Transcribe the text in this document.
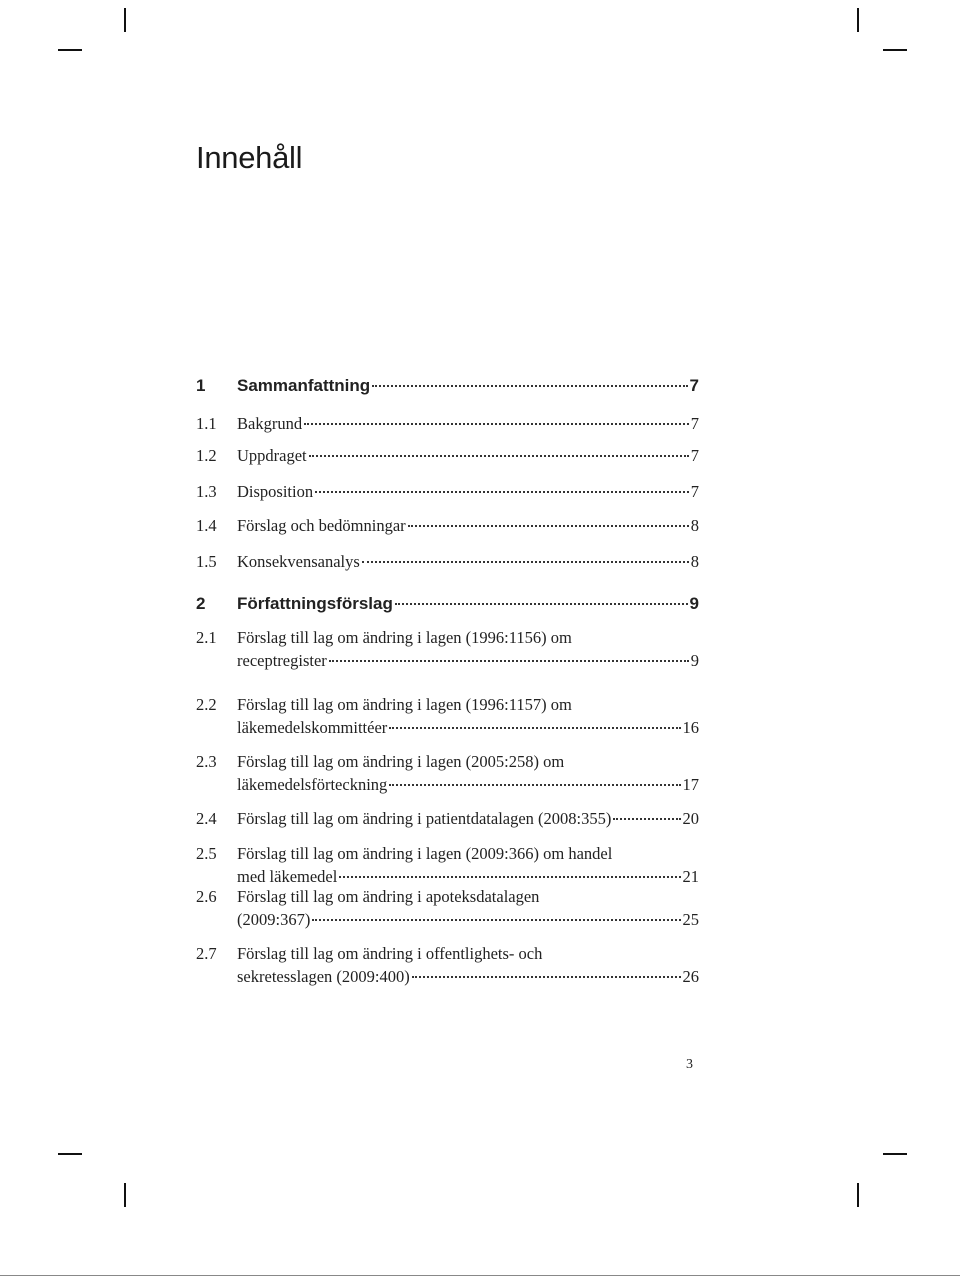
Innehåll
1 Sammanfattning	7
1.1 Bakgrund	7
1.2 Uppdraget	7
1.3 Disposition	7
1.4 Förslag och bedömningar	8
1.5 Konsekvensanalys	8
2 Författningsförslag	9
2.1 Förslag till lag om ändring i lagen (1996:1156) om
receptregister	9
2.2 Förslag till lag om ändring i lagen (1996:1157) om
läkemedelskommittéer	16
2.3 Förslag till lag om ändring i lagen (2005:258) om
läkemedelsförteckning	17
2.4 Förslag till lag om ändring i patientdatalagen (2008:355)	20
2.5 Förslag till lag om ändring i lagen (2009:366) om handel
med läkemedel	21
2.6 Förslag till lag om ändring i apoteksdatalagen
(2009:367)	25
2.7 Förslag till lag om ändring i offentlighets- och
sekretesslagen (2009:400)	26
3
